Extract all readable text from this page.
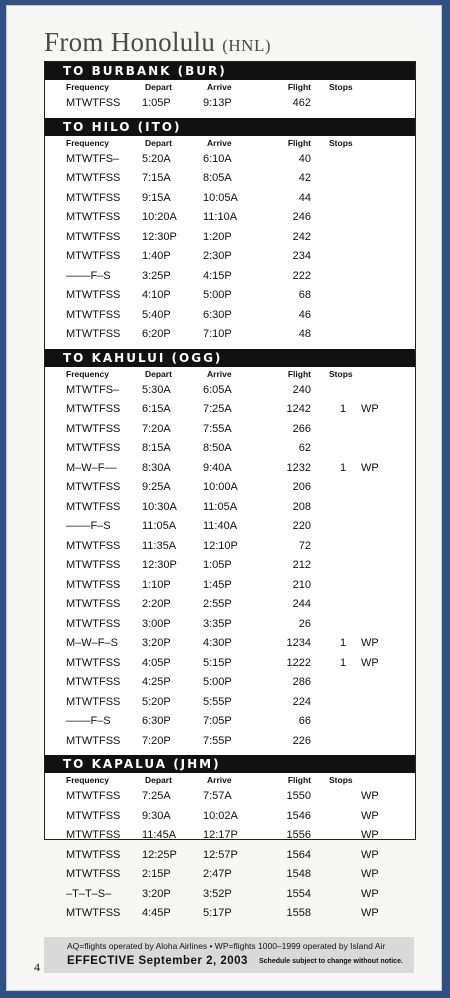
From Honolulu (HNL)
TO BURBANK (BUR)
Frequency	Depart	Arrive	Flight Stops
MTWTFSS 1:05P	9:13P	462
TO HILO (ITO)
Frequency	Depart	Arrive	Flight Stops
MTWTFS– 5:20A	6:10A	40
MTWTFSS 7:15A	8:05A	42
MTWTFSS 9:15A	10:05A	44
MTWTFSS 10:20A	11:10A	246
MTWTFSS 12:30P	1:20P	242
MTWTFSS 1:40P	2:30P	234
––––F–S	3:25P	4:15P	222
MTWTFSS 4:10P	5:00P	68
MTWTFSS 5:40P	6:30P	46
MTWTFSS 6:20P	7:10P	48
TO KAHULUI (OGG)
Frequency	Depart	Arrive	Flight Stops
MTWTFS– 5:30A	6:05A	240
MTWTFSS 6:15A	7:25A	1242	1	WP
MTWTFSS 7:20A	7:55A	266
MTWTFSS 8:15A	8:50A	62
M–W–F–– 8:30A	9:40A	1232	1	WP
MTWTFSS 9:25A	10:00A	206
MTWTFSS 10:30A	11:05A	208
––––F–S	11:05A	11:40A	220
MTWTFSS 11:35A	12:10P	72
MTWTFSS 12:30P	1:05P	212
MTWTFSS 1:10P	1:45P	210
MTWTFSS 2:20P	2:55P	244
MTWTFSS 3:00P	3:35P	26
M–W–F–S 3:20P	4:30P	1234	1	WP
MTWTFSS 4:05P	5:15P	1222	1	WP
MTWTFSS 4:25P	5:00P	286
MTWTFSS 5:20P	5:55P	224
––––F–S	6:30P	7:05P	66
MTWTFSS 7:20P	7:55P	226
TO KAPALUA (JHM)
Frequency	Depart	Arrive	Flight Stops
MTWTFSS 7:25A	7:57A	1550	WP
MTWTFSS 9:30A	10:02A	1546	WP
MTWTFSS 11:45A	12:17P	1556	WP
MTWTFSS 12:25P	12:57P	1564	WP
MTWTFSS 2:15P	2:47P	1548	WP
–T–T–S–	3:20P	3:52P	1554	WP
MTWTFSS 4:45P	5:17P	1558	WP
AQ=flights operated by Aloha Airlines • WP=flights 1000–1999 operated by Island Air
EFFECTIVE September 2, 2003 Schedule subject to change without notice.
4
